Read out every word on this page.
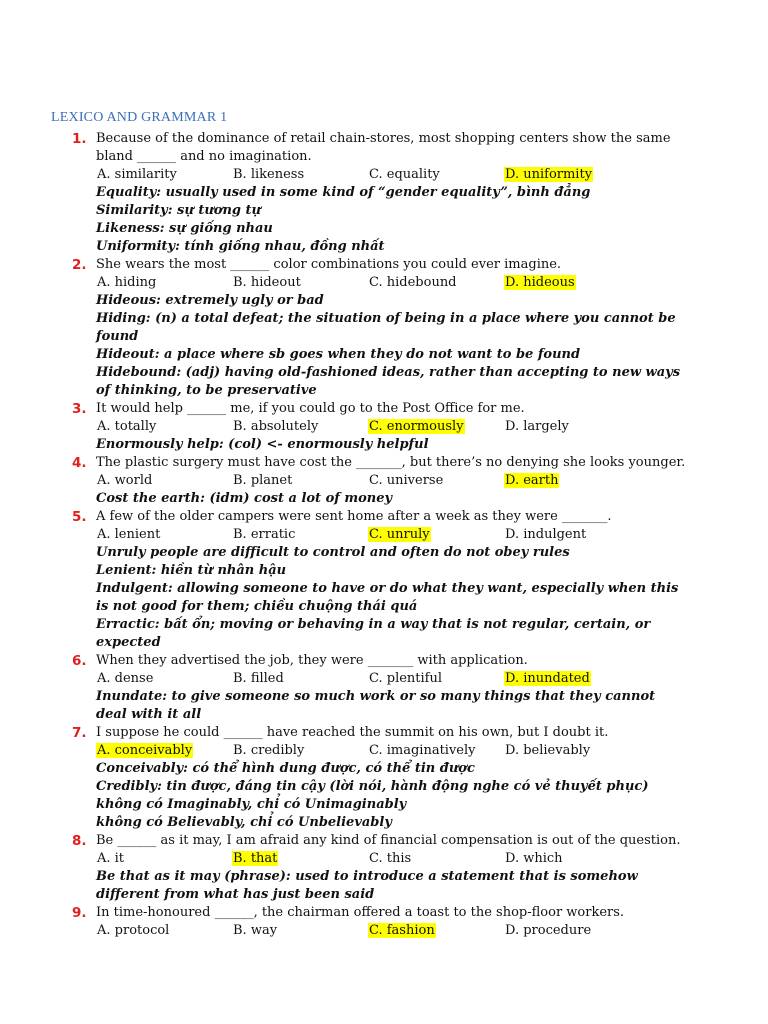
LEXICO AND GRAMMAR 1
1. Because of the dominance of retail chain-stores, most shopping centers show the same bland ______ and no imagination.
A. similarity	B. likeness	C. equality	D. uniformity
Equality: usually used in some kind of “gender equality”, bình đẳng
Similarity: sự tương tự
Likeness: sự giống nhau
Uniformity: tính giống nhau, đồng nhất
2. She wears the most ______ color combinations you could ever imagine.
A. hiding	B. hideout	C. hidebound	D. hideous
Hideous: extremely ugly or bad
Hiding: (n) a total defeat; the situation of being in a place where you cannot be found
Hideout: a place where sb goes when they do not want to be found
Hidebound: (adj) having old-fashioned ideas, rather than accepting to new ways of thinking, to be preservative
3. It would help ______ me, if you could go to the Post Office for me.
A. totally	B. absolutely	C. enormously	D. largely
Enormously help: (col) <- enormously helpful
4. The plastic surgery must have cost the _______, but there’s no denying she looks younger.
A. world	B. planet	C. universe	D. earth
Cost the earth: (idm) cost a lot of money
5. A few of the older campers were sent home after a week as they were _______.
A. lenient	B. erratic	C. unruly	D. indulgent
Unruly people are difficult to control and often do not obey rules
Lenient: hiền từ nhân hậu
Indulgent: allowing someone to have or do what they want, especially when this is not good for them; chiều chuộng thái quá
Erractic: bất ổn; moving or behaving in a way that is not regular, certain, or expected
6. When they advertised the job, they were _______ with application.
A. dense	B. filled	C. plentiful	D. inundated
Inundate: to give someone so much work or so many things that they cannot deal with it all
7. I suppose he could ______ have reached the summit on his own, but I doubt it.
A. conceivably	B. credibly	C. imaginatively	D. believably
Conceivably: có thể hình dung được, có thể tin được
Credibly: tin được, đáng tin cậy (lời nói, hành động nghe có vẻ thuyết phục)
không có Imaginably, chỉ có Unimaginably
không có Believably, chỉ có Unbelievably
8. Be ______ as it may, I am afraid any kind of financial compensation is out of the question.
A. it	B. that	C. this	D. which
Be that as it may (phrase): used to introduce a statement that is somehow different from what has just been said
9. In time-honoured ______, the chairman offered a toast to the shop-floor workers.
A. protocol	B. way	C. fashion	D. procedure
